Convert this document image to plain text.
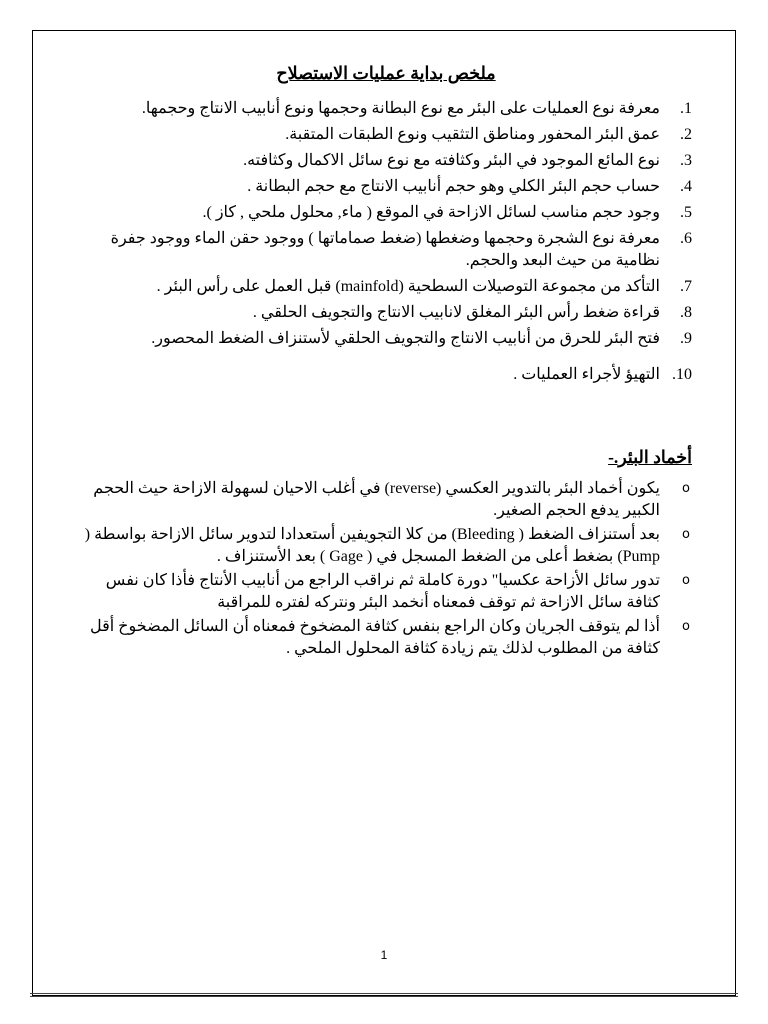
ملخص بداية عمليات الاستصلاح
.1
معرفة نوع العمليات على البئر مع نوع البطانة وحجمها ونوع أنابيب الانتاج وحجمها.
.2
عمق البئر المحفور ومناطق التثقيب ونوع الطبقات المتقبة.
.3
نوع المائع الموجود في البئر وكثافته مع نوع سائل الاكمال وكثافته.
.4
حساب حجم البئر الكلي وهو حجم أنابيب الانتاج مع حجم البطانة .
.5
وجود حجم مناسب لسائل الازاحة في الموقع ( ماء, محلول ملحي , كاز ).
.6
معرفة نوع الشجرة وحجمها وضغطها (ضغط صماماتها ) ووجود حقن الماء ووجود جفرة نظامية من حيث البعد والحجم.
.7
التأكد من مجموعة التوصيلات السطحية (mainfold) قبل العمل على رأس البئر .
.8
قراءة ضغط رأس البئر المغلق لانابيب الانتاج والتجويف الحلقي .
.9
فتح البئر للحرق من أنابيب الانتاج والتجويف الحلقي لأستنزاف الضغط المحصور.
.10
التهيؤ لأجراء العمليات .
أخماد البئر.-
o
يكون أخماد البئر بالتدوير العكسي (reverse) في أغلب الاحيان لسهولة الازاحة حيث الحجم الكبير يدفع الحجم الصغير.
o
بعد أستنزاف الضغط ( Bleeding) من كلا التجويفين أستعدادا لتدوير سائل الازاحة بواسطة ( Pump) بضغط أعلى من الضغط المسجل في ( Gage ) بعد الأستنزاف .
o
تدور سائل الأزاحة عكسيا" دورة كاملة ثم نراقب الراجع من أنابيب الأنتاج فأذا كان نفس كثافة سائل الازاحة ثم توقف فمعناه أنخمد البئر ونتركه لفتره للمراقبة
o
أذا لم يتوقف الجريان وكان الراجع بنفس كثافة المضخوخ فمعناه أن السائل المضخوخ أقل كثافة من المطلوب لذلك يتم زيادة كثافة المحلول الملحي .
1
